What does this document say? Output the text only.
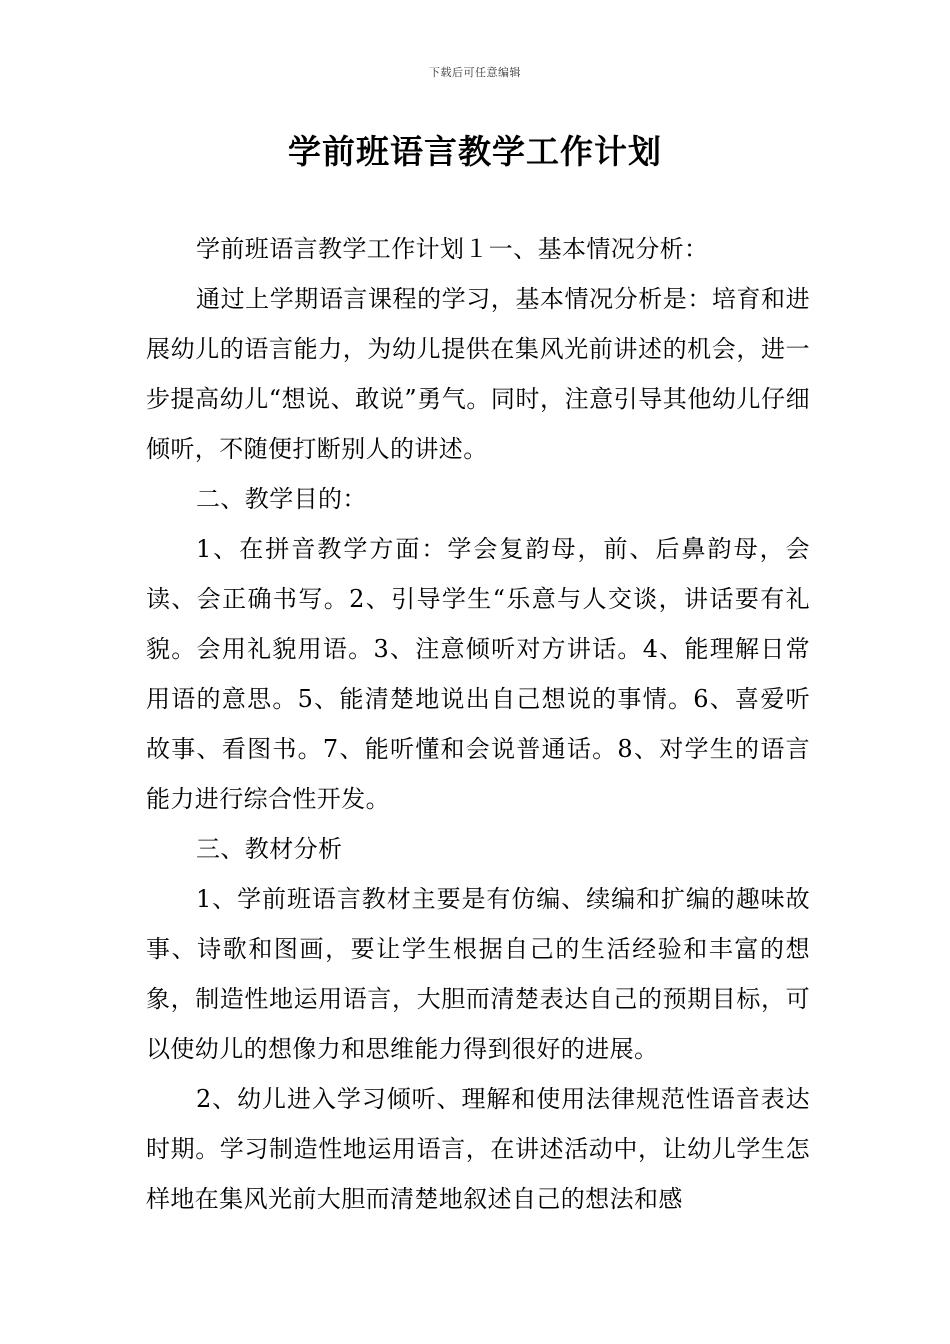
下载后可任意编辑
学前班语言教学工作计划

学前班语言教学工作计划１一、基本情况分析：

通过上学期语言课程的学习，基本情况分析是：培育和进展幼儿的语言能力，为幼儿提供在集风光前讲述的机会，进一步提高幼儿“想说、敢说”勇气。同时，注意引导其他幼儿仔细倾听，不随便打断别人的讲述。

二、教学目的：

1、在拼音教学方面：学会复韵母，前、后鼻韵母，会读、会正确书写。2、引导学生“乐意与人交谈，讲话要有礼貌。会用礼貌用语。3、注意倾听对方讲话。4、能理解日常用语的意思。5、能清楚地说出自己想说的事情。6、喜爱听故事、看图书。7、能听懂和会说普通话。8、对学生的语言能力进行综合性开发。

三、教材分析

1、学前班语言教材主要是有仿编、续编和扩编的趣味故事、诗歌和图画，要让学生根据自己的生活经验和丰富的想象，制造性地运用语言，大胆而清楚表达自己的预期目标，可以使幼儿的想像力和思维能力得到很好的进展。

2、幼儿进入学习倾听、理解和使用法律规范性语音表达时期。学习制造性地运用语言，在讲述活动中，让幼儿学生怎样地在集风光前大胆而清楚地叙述自己的想法和感
